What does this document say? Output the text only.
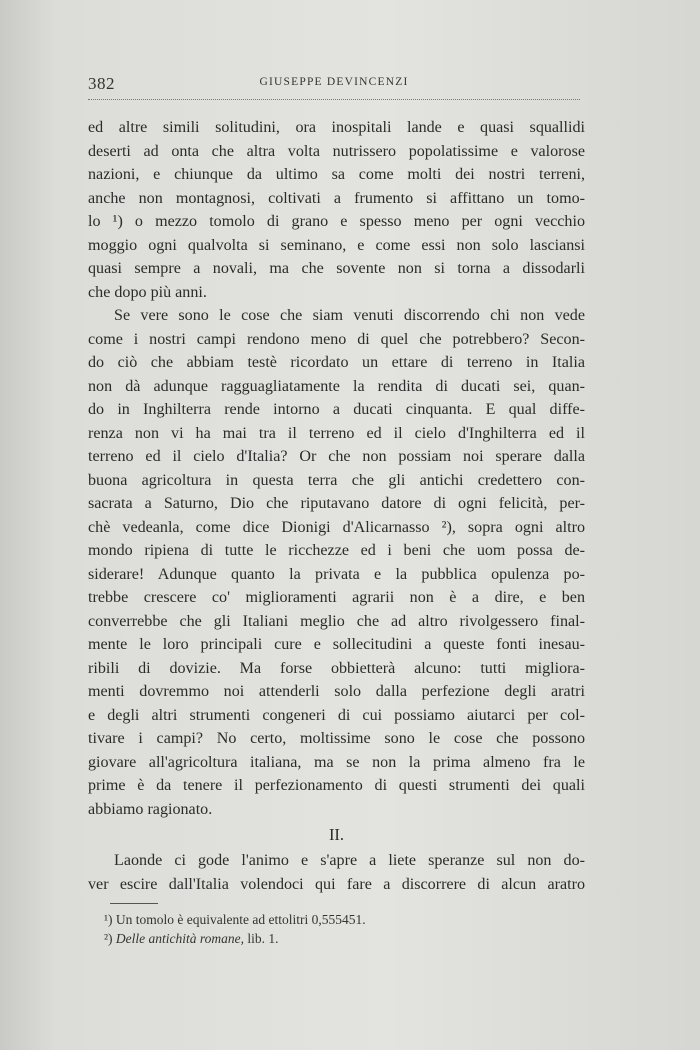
382	GIUSEPPE DEVINCENZI

ed altre simili solitudini, ora inospitali lande e quasi squallidi
deserti ad onta che altra volta nutrissero popolatissime e valorose
nazioni, e chiunque da ultimo sa come molti dei nostri terreni,
anche non montagnosi, coltivati a frumento si affittano un tomo-
lo ¹) o mezzo tomolo di grano e spesso meno per ogni vecchio
moggio ogni qualvolta si seminano, e come essi non solo lasciansi
quasi sempre a novali, ma che sovente non si torna a dissodarli
che dopo più anni.

Se vere sono le cose che siam venuti discorrendo chi non vede
come i nostri campi rendono meno di quel che potrebbero? Secon-
do ciò che abbiam testè ricordato un ettare di terreno in Italia
non dà adunque ragguagliatamente la rendita di ducati sei, quan-
do in Inghilterra rende intorno a ducati cinquanta. E qual diffe-
renza non vi ha mai tra il terreno ed il cielo d'Inghilterra ed il
terreno ed il cielo d'Italia? Or che non possiam noi sperare dalla
buona agricoltura in questa terra che gli antichi credettero con-
sacrata a Saturno, Dio che riputavano datore di ogni felicità, per-
chè vedeanla, come dice Dionigi d'Alicarnasso ²), sopra ogni altro
mondo ripiena di tutte le ricchezze ed i beni che uom possa de-
siderare! Adunque quanto la privata e la pubblica opulenza po-
trebbe crescere co' miglioramenti agrarii non è a dire, e ben
converrebbe che gli Italiani meglio che ad altro rivolgessero final-
mente le loro principali cure e sollecitudini a queste fonti inesau-
ribili di dovizie. Ma forse obbietterà alcuno: tutti migliora-
menti dovremmo noi attenderli solo dalla perfezione degli aratri
e degli altri strumenti congeneri di cui possiamo aiutarci per col-
tivare i campi? No certo, moltissime sono le cose che possono
giovare all'agricoltura italiana, ma se non la prima almeno fra le
prime è da tenere il perfezionamento di questi strumenti dei quali
abbiamo ragionato.

II.

Laonde ci gode l'animo e s'apre a liete speranze sul non do-
ver escire dall'Italia volendoci qui fare a discorrere di alcun aratro

¹) Un tomolo è equivalente ad ettolitri 0,555451.
²) Delle antichità romane, lib. 1.
